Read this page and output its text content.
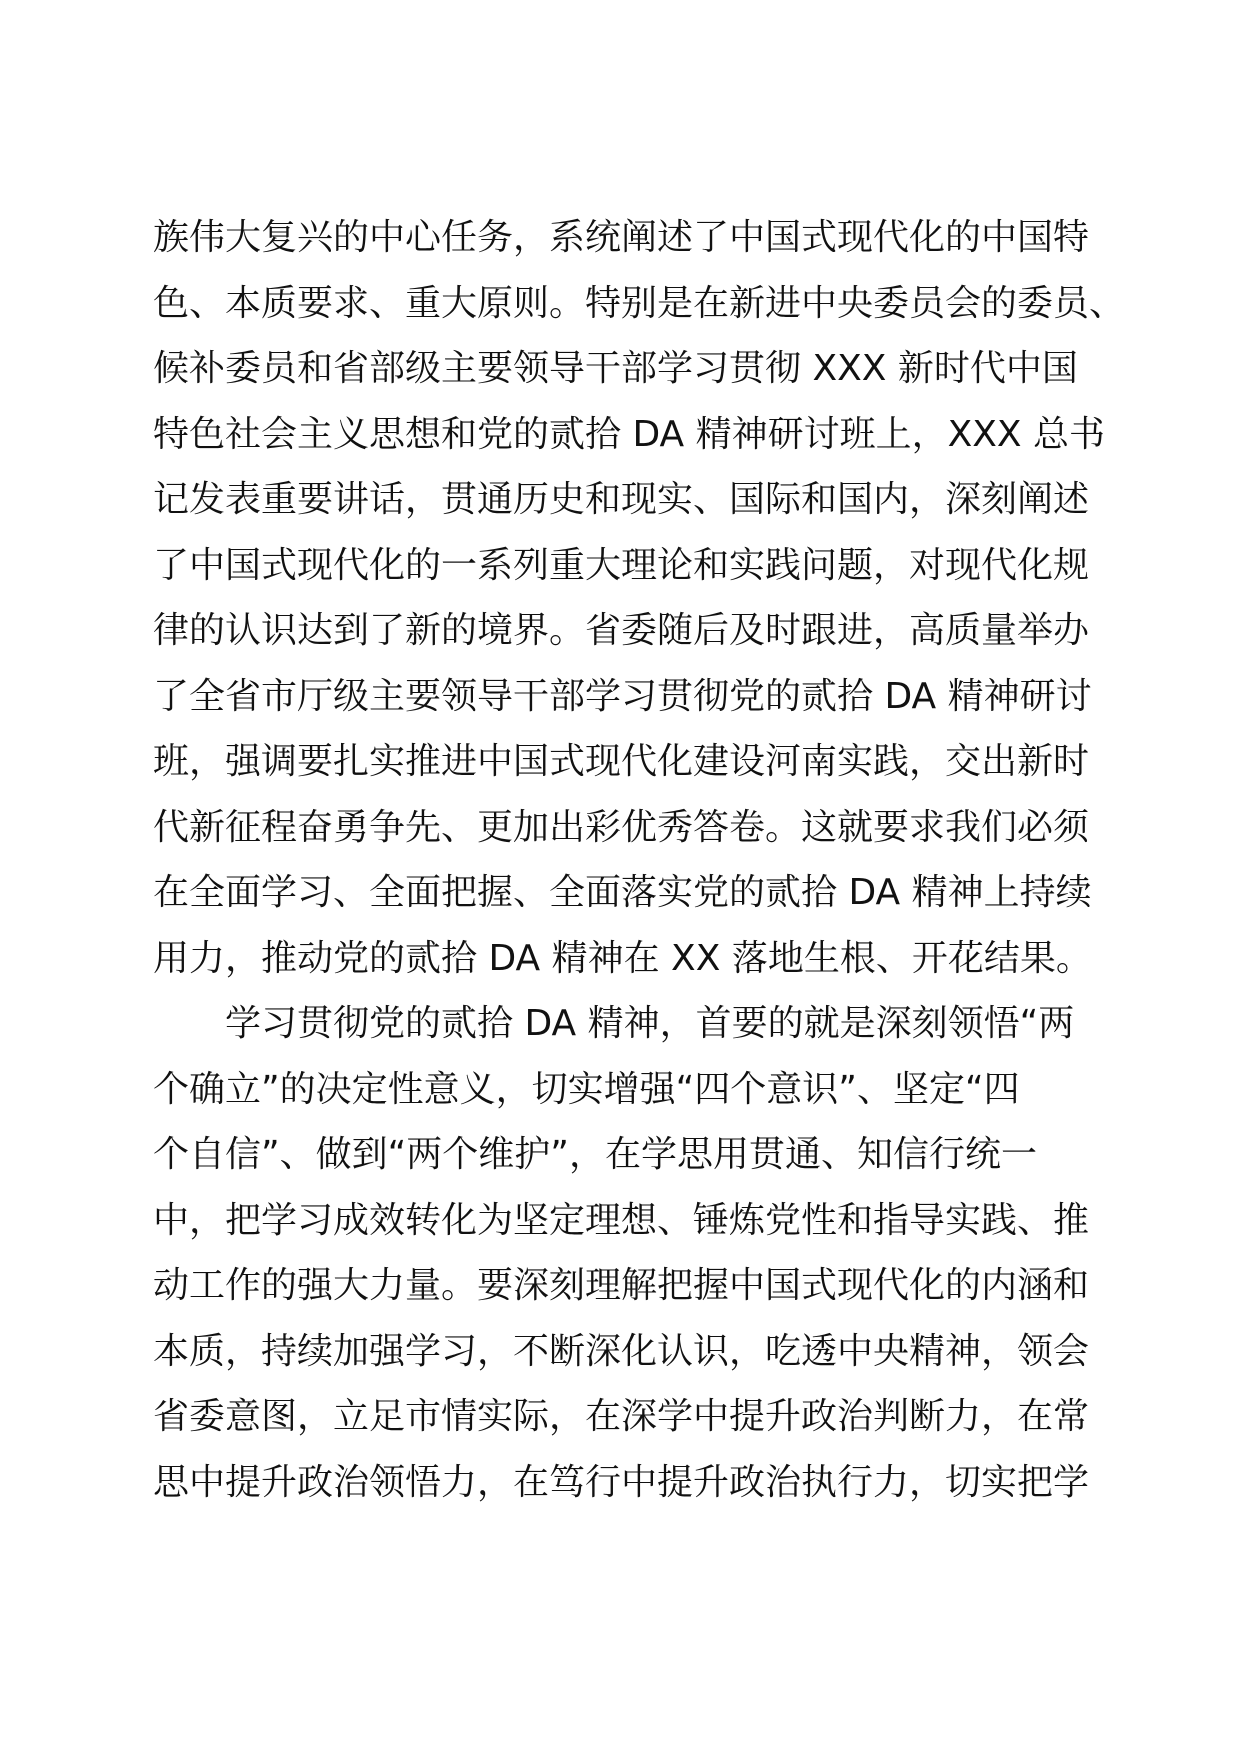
族伟大复兴的中心任务，系统阐述了中国式现代化的中国特
色、本质要求、重大原则。特别是在新进中央委员会的委员、
候补委员和省部级主要领导干部学习贯彻 XXX 新时代中国
特色社会主义思想和党的贰拾 DA 精神研讨班上，XXX 总书
记发表重要讲话，贯通历史和现实、国际和国内，深刻阐述
了中国式现代化的一系列重大理论和实践问题，对现代化规
律的认识达到了新的境界。省委随后及时跟进，高质量举办
了全省市厅级主要领导干部学习贯彻党的贰拾 DA 精神研讨
班，强调要扎实推进中国式现代化建设河南实践，交出新时
代新征程奋勇争先、更加出彩优秀答卷。这就要求我们必须
在全面学习、全面把握、全面落实党的贰拾 DA 精神上持续
用力，推动党的贰拾 DA 精神在 XX 落地生根、开花结果。
　　学习贯彻党的贰拾 DA 精神，首要的就是深刻领悟“两
个确立”的决定性意义，切实增强“四个意识”、坚定“四
个自信”、做到“两个维护”，在学思用贯通、知信行统一
中，把学习成效转化为坚定理想、锤炼党性和指导实践、推
动工作的强大力量。要深刻理解把握中国式现代化的内涵和
本质，持续加强学习，不断深化认识，吃透中央精神，领会
省委意图，立足市情实际，在深学中提升政治判断力，在常
思中提升政治领悟力，在笃行中提升政治执行力，切实把学
